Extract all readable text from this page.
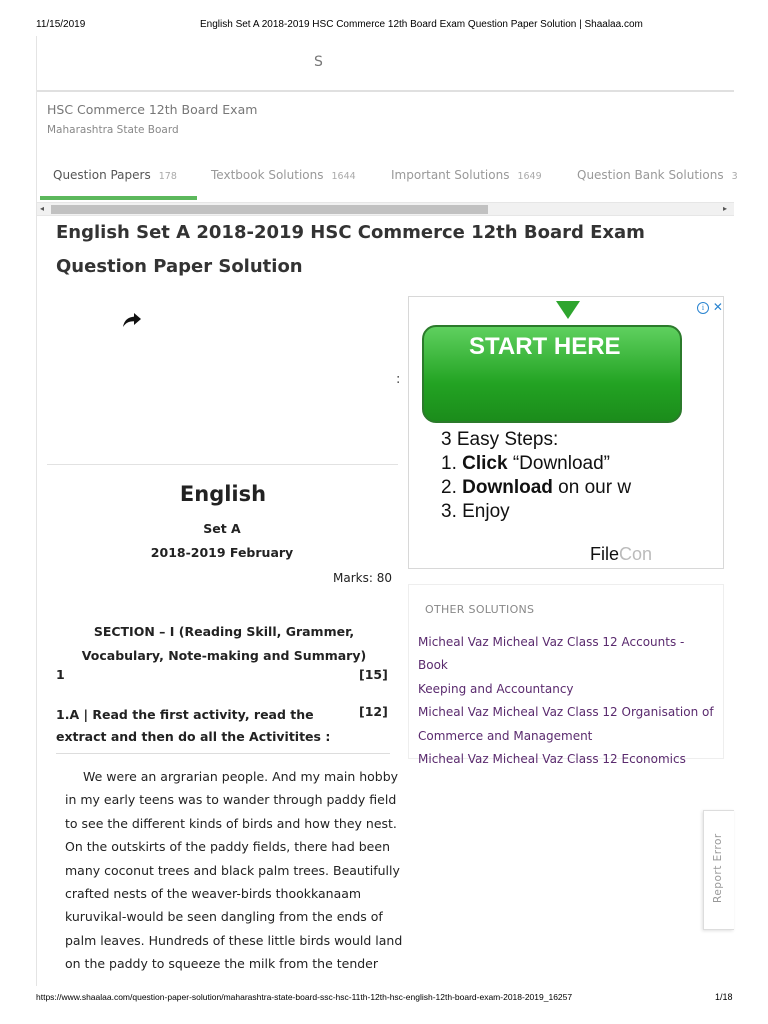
11/15/2019	English Set A 2018-2019 HSC Commerce 12th Board Exam Question Paper Solution | Shaalaa.com
S
HSC Commerce 12th Board Exam
Maharashtra State Board
Question Papers 178	Textbook Solutions 1644	Important Solutions 1649	Question Bank Solutions 3
◂	▸
English Set A 2018-2019 HSC Commerce 12th Board Exam Question Paper Solution
:
START HERE
3 Easy Steps:
1. Click “Download”
2. Download on our w
3. Enjoy
FileCon
i ✕
English
Set A
2018-2019 February
Marks: 80
SECTION – I (Reading Skill, Grammer, Vocabulary, Note-making and Summary)
1	[15]
1.A | Read the first activity, read the extract and then do all the Activitites :
[12]
We were an argrarian people. And my main hobby
in my early teens was to wander through paddy field
to see the different kinds of birds and how they nest.
On the outskirts of the paddy fields, there had been
many coconut trees and black palm trees. Beautifully
crafted nests of the weaver-birds thookkanaam
kuruvikal-would be seen dangling from the ends of
palm leaves. Hundreds of these little birds would land
on the paddy to squeeze the milk from the tender
OTHER SOLUTIONS
Micheal Vaz Micheal Vaz Class 12 Accounts - Book
Keeping and Accountancy
Micheal Vaz Micheal Vaz Class 12 Organisation of
Commerce and Management
Micheal Vaz Micheal Vaz Class 12 Economics
Report Error
https://www.shaalaa.com/question-paper-solution/maharashtra-state-board-ssc-hsc-11th-12th-hsc-english-12th-board-exam-2018-2019_16257	1/18
